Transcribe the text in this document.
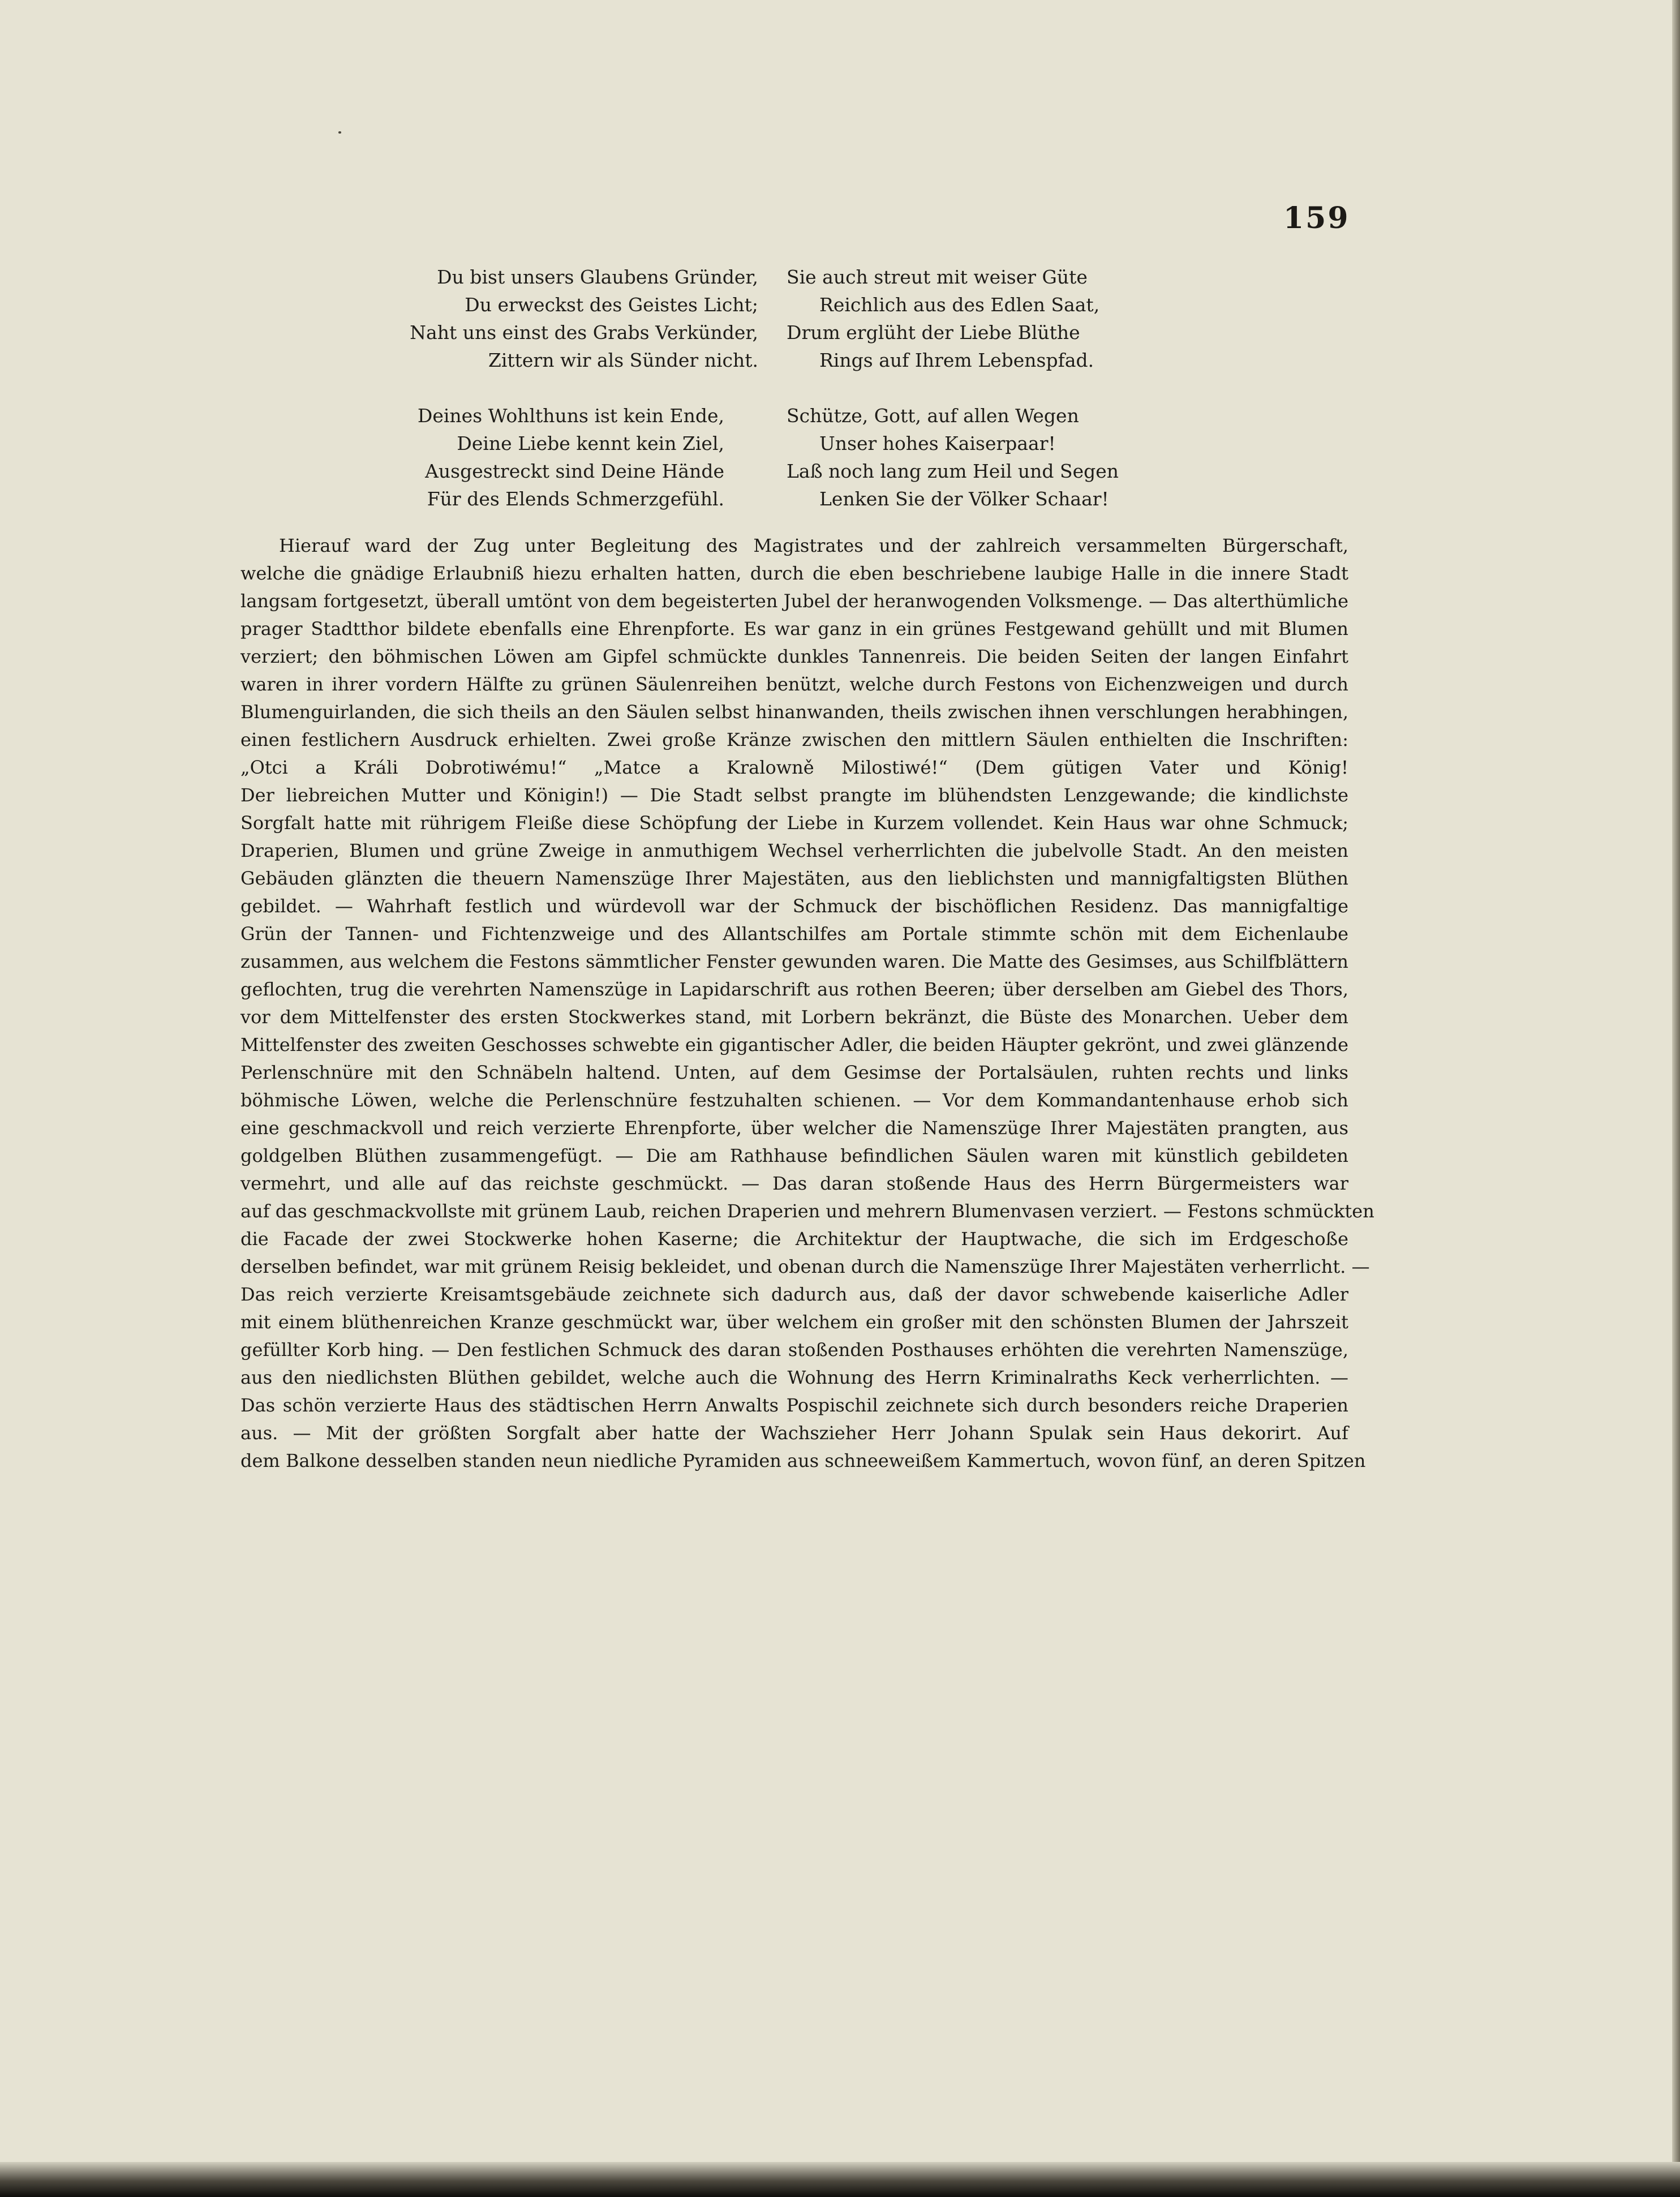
159
Du bist unsers Glaubens Gründer,
Du erweckst des Geistes Licht;
Naht uns einst des Grabs Verkünder,
Zittern wir als Sünder nicht.
Sie auch streut mit weiser Güte
Reichlich aus des Edlen Saat,
Drum erglüht der Liebe Blüthe
Rings auf Ihrem Lebenspfad.
Deines Wohlthuns ist kein Ende,
Deine Liebe kennt kein Ziel,
Ausgestreckt sind Deine Hände
Für des Elends Schmerzgefühl.
Schütze, Gott, auf allen Wegen
Unser hohes Kaiserpaar!
Laß noch lang zum Heil und Segen
Lenken Sie der Völker Schaar!
Hierauf ward der Zug unter Begleitung des Magistrates und der zahlreich versammelten Bürgerschaft,
welche die gnädige Erlaubniß hiezu erhalten hatten, durch die eben beschriebene laubige Halle in die innere Stadt
langsam fortgesetzt, überall umtönt von dem begeisterten Jubel der heranwogenden Volksmenge. — Das alterthümliche
prager Stadtthor bildete ebenfalls eine Ehrenpforte. Es war ganz in ein grünes Festgewand gehüllt und mit Blumen
verziert; den böhmischen Löwen am Gipfel schmückte dunkles Tannenreis. Die beiden Seiten der langen Einfahrt
waren in ihrer vordern Hälfte zu grünen Säulenreihen benützt, welche durch Festons von Eichenzweigen und durch
Blumenguirlanden, die sich theils an den Säulen selbst hinanwanden, theils zwischen ihnen verschlungen herabhingen,
einen festlichern Ausdruck erhielten. Zwei große Kränze zwischen den mittlern Säulen enthielten die Inschriften:
„Otci a Králi Dobrotiwému!“ „Matce a Kralowně Milostiwé!“ (Dem gütigen Vater und König!
Der liebreichen Mutter und Königin!) — Die Stadt selbst prangte im blühendsten Lenzgewande; die kindlichste
Sorgfalt hatte mit rührigem Fleiße diese Schöpfung der Liebe in Kurzem vollendet. Kein Haus war ohne Schmuck;
Draperien, Blumen und grüne Zweige in anmuthigem Wechsel verherrlichten die jubelvolle Stadt. An den meisten
Gebäuden glänzten die theuern Namenszüge Ihrer Majestäten, aus den lieblichsten und mannigfaltigsten Blüthen
gebildet. — Wahrhaft festlich und würdevoll war der Schmuck der bischöflichen Residenz. Das mannigfaltige
Grün der Tannen- und Fichtenzweige und des Allantschilfes am Portale stimmte schön mit dem Eichenlaube
zusammen, aus welchem die Festons sämmtlicher Fenster gewunden waren. Die Matte des Gesimses, aus Schilfblättern
geflochten, trug die verehrten Namenszüge in Lapidarschrift aus rothen Beeren; über derselben am Giebel des Thors,
vor dem Mittelfenster des ersten Stockwerkes stand, mit Lorbern bekränzt, die Büste des Monarchen. Ueber dem
Mittelfenster des zweiten Geschosses schwebte ein gigantischer Adler, die beiden Häupter gekrönt, und zwei glänzende
Perlenschnüre mit den Schnäbeln haltend. Unten, auf dem Gesimse der Portalsäulen, ruhten rechts und links
böhmische Löwen, welche die Perlenschnüre festzuhalten schienen. — Vor dem Kommandantenhause erhob sich
eine geschmackvoll und reich verzierte Ehrenpforte, über welcher die Namenszüge Ihrer Majestäten prangten, aus
goldgelben Blüthen zusammengefügt. — Die am Rathhause befindlichen Säulen waren mit künstlich gebildeten
vermehrt, und alle auf das reichste geschmückt. — Das daran stoßende Haus des Herrn Bürgermeisters war
auf das geschmackvollste mit grünem Laub, reichen Draperien und mehrern Blumenvasen verziert. — Festons schmückten
die Facade der zwei Stockwerke hohen Kaserne; die Architektur der Hauptwache, die sich im Erdgeschoße
derselben befindet, war mit grünem Reisig bekleidet, und obenan durch die Namenszüge Ihrer Majestäten verherrlicht. —
Das reich verzierte Kreisamtsgebäude zeichnete sich dadurch aus, daß der davor schwebende kaiserliche Adler
mit einem blüthenreichen Kranze geschmückt war, über welchem ein großer mit den schönsten Blumen der Jahrszeit
gefüllter Korb hing. — Den festlichen Schmuck des daran stoßenden Posthauses erhöhten die verehrten Namenszüge,
aus den niedlichsten Blüthen gebildet, welche auch die Wohnung des Herrn Kriminalraths Keck verherrlichten. —
Das schön verzierte Haus des städtischen Herrn Anwalts Pospischil zeichnete sich durch besonders reiche Draperien
aus. — Mit der größten Sorgfalt aber hatte der Wachszieher Herr Johann Spulak sein Haus dekorirt. Auf
dem Balkone desselben standen neun niedliche Pyramiden aus schneeweißem Kammertuch, wovon fünf, an deren Spitzen
